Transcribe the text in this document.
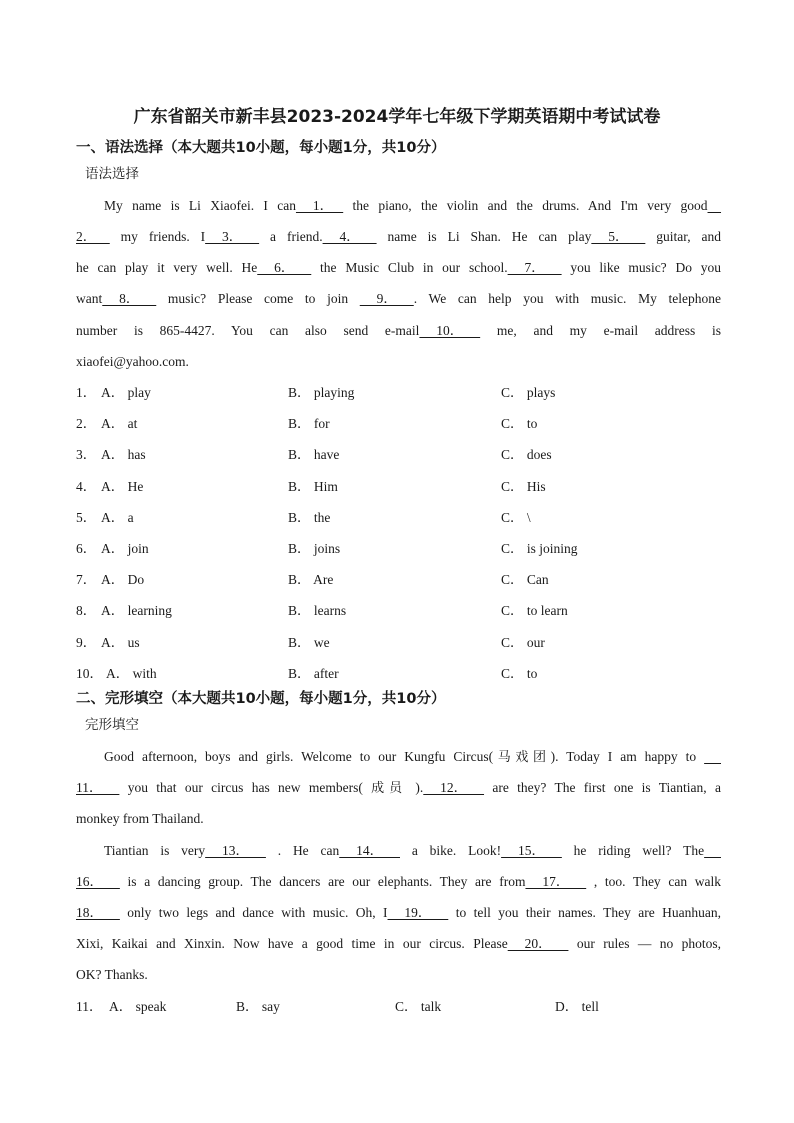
广东省韶关市新丰县2023-2024学年七年级下学期英语期中考试试卷
一、语法选择（本大题共10小题，每小题1分，共10分）
语法选择
My name is Li Xiaofei. I can     1．    the piano, the violin and the drums. And I'm very good
2．     my friends. I     3．      a friend.     4．      name is Li Shan. He can play     5．      guitar, and
he can play it very well. He     6．      the Music Club in our school.     7．      you like music? Do you
want     8．      music? Please come to join      9．     . We can help you with music. My telephone
number is 865-4427. You can also send e-mail     10．      me, and my e-mail address is
xiaofei@yahoo.com.
1． A． play	B． playing	C． plays
2． A． at	B． for	C． to
3． A． has	B． have	C． does
4． A． He	B． Him	C． His
5． A． a	B． the	C． \
6． A． join	B． joins	C． is joining
7． A． Do	B． Are	C． Can
8． A． learning	B． learns	C． to learn
9． A． us	B． we	C． our
10． A． with	B． after	C． to
二、完形填空（本大题共10小题，每小题1分，共10分）
完形填空
Good afternoon, boys and girls. Welcome to our Kungfu Circus(马戏团). Today I am happy to
11．      you that our circus has new members( 成员 ).     12．      are they? The first one is Tiantian, a
monkey from Thailand.
Tiantian is very     13．      . He can     14．      a bike. Look!     15．      he riding well? The
16．      is a dancing group. The dancers are our elephants. They are from     17．      , too. They can walk
18．      only two legs and dance with music. Oh, I     19．      to tell you their names. They are Huanhuan,
Xixi, Kaikai and Xinxin. Now have a good time in our circus. Please     20．      our rules — no photos,
OK? Thanks.
11． A． speak	B． say	C． talk	D． tell
